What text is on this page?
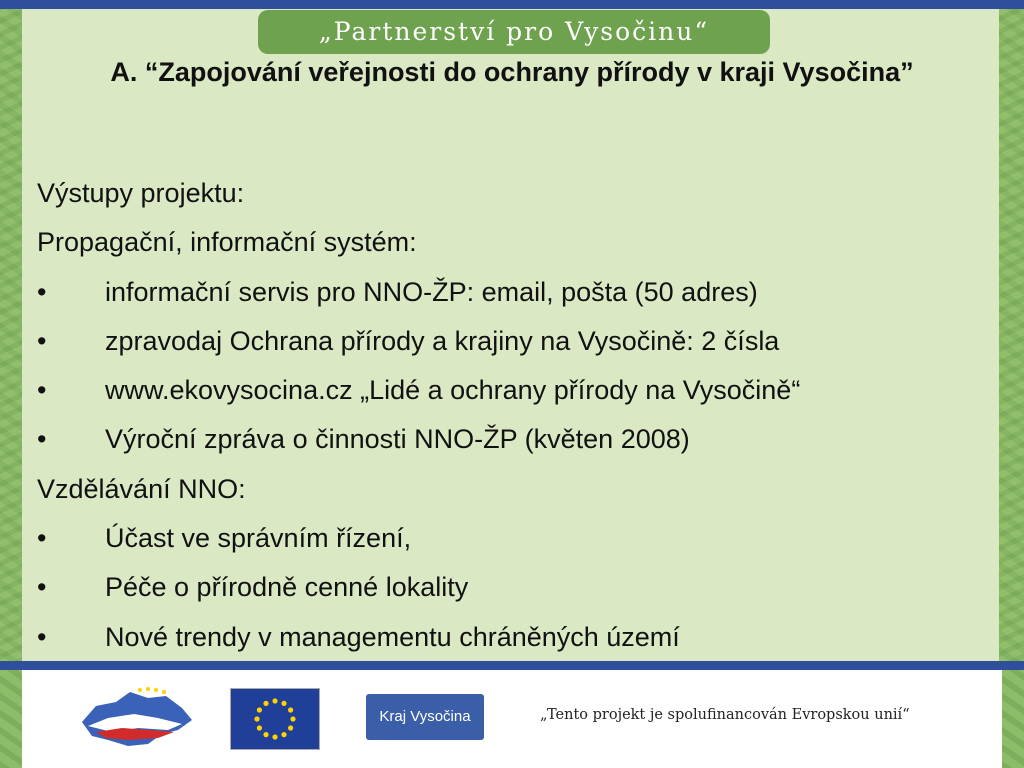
„Partnerství pro Vysočinu“
A. “Zapojování veřejnosti do ochrany přírody v kraji Vysočina”
Výstupy projektu:
Propagační, informační systém:
•	informační servis pro NNO-ŽP: email, pošta (50 adres)
•	zpravodaj Ochrana přírody a krajiny na Vysočině: 2 čísla
•	www.ekovysocina.cz „Lidé a ochrany přírody na Vysočině“
•	Výroční zpráva o činnosti NNO-ŽP (květen 2008)
Vzdělávání NNO:
•	Účast ve správním řízení,
•	Péče o přírodně cenné lokality
•	Nové trendy v managementu chráněných území
Kraj Vysočina	„Tento projekt je spolufinancován Evropskou unií“
